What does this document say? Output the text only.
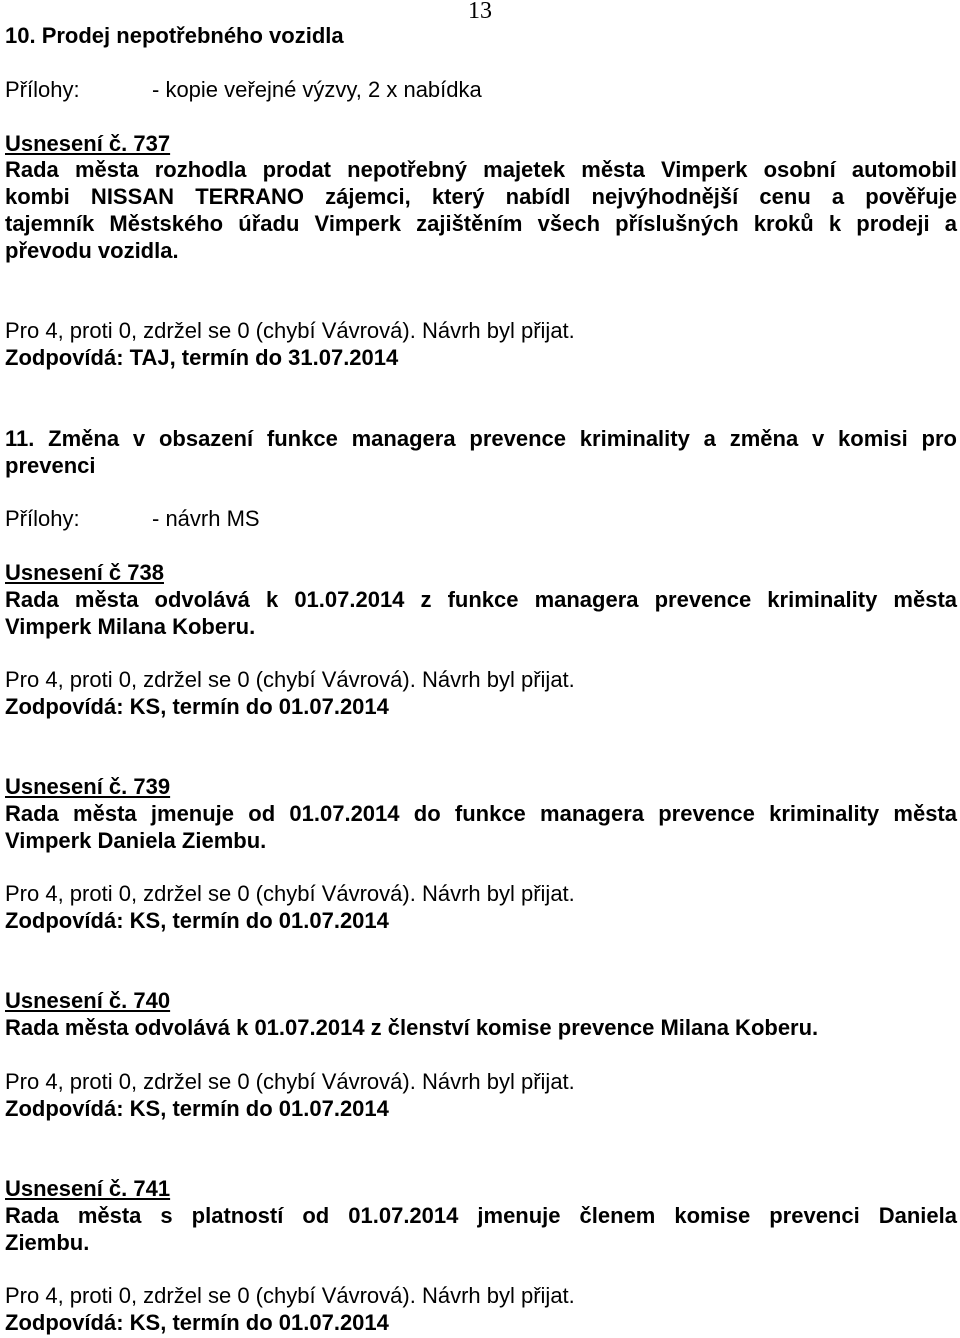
13
10. Prodej nepotřebného vozidla
Přílohy:	- kopie veřejné výzvy, 2 x nabídka
Usnesení č. 737
Rada města rozhodla prodat nepotřebný majetek města Vimperk osobní automobil
kombi NISSAN TERRANO zájemci, který nabídl nejvýhodnější cenu a pověřuje
tajemník Městského úřadu Vimperk zajištěním všech příslušných kroků k prodeji a
převodu vozidla.
Pro 4, proti 0, zdržel se 0 (chybí Vávrová). Návrh byl přijat.
Zodpovídá: TAJ, termín do 31.07.2014
11. Změna v obsazení funkce managera prevence kriminality a změna v komisi pro
prevenci
Přílohy:	- návrh MS
Usnesení č 738
Rada města odvolává k 01.07.2014 z funkce managera prevence kriminality města
Vimperk Milana Koberu.
Pro 4, proti 0, zdržel se 0 (chybí Vávrová). Návrh byl přijat.
Zodpovídá: KS, termín do 01.07.2014
Usnesení č. 739
Rada města jmenuje od 01.07.2014 do funkce managera prevence kriminality města
Vimperk Daniela Ziembu.
Pro 4, proti 0, zdržel se 0 (chybí Vávrová). Návrh byl přijat.
Zodpovídá: KS, termín do 01.07.2014
Usnesení č. 740
Rada města odvolává k 01.07.2014 z členství komise prevence Milana Koberu.
Pro 4, proti 0, zdržel se 0 (chybí Vávrová). Návrh byl přijat.
Zodpovídá: KS, termín do 01.07.2014
Usnesení č. 741
Rada města s platností od 01.07.2014 jmenuje členem komise prevenci Daniela
Ziembu.
Pro 4, proti 0, zdržel se 0 (chybí Vávrová). Návrh byl přijat.
Zodpovídá: KS, termín do 01.07.2014
